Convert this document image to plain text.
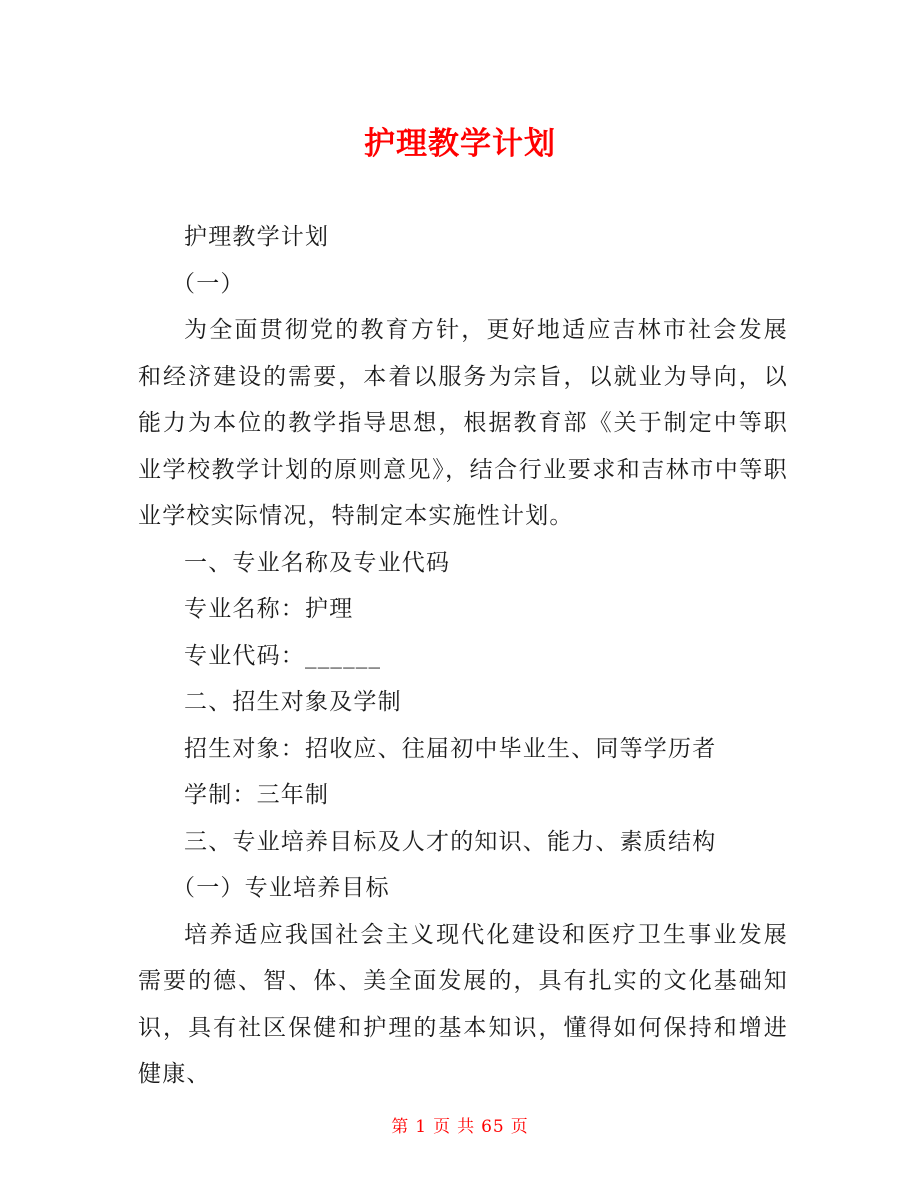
护理教学计划

护理教学计划

（一）

为全面贯彻党的教育方针，更好地适应吉林市社会发展和经济建设的需要，本着以服务为宗旨，以就业为导向，以能力为本位的教学指导思想，根据教育部《关于制定中等职业学校教学计划的原则意见》，结合行业要求和吉林市中等职业学校实际情况，特制定本实施性计划。

一、专业名称及专业代码

专业名称：护理

专业代码：______

二、招生对象及学制

招生对象：招收应、往届初中毕业生、同等学历者

学制：三年制

三、专业培养目标及人才的知识、能力、素质结构

（一）专业培养目标

培养适应我国社会主义现代化建设和医疗卫生事业发展需要的德、智、体、美全面发展的，具有扎实的文化基础知识，具有社区保健和护理的基本知识，懂得如何保持和增进健康、

第 1 页 共 65 页
